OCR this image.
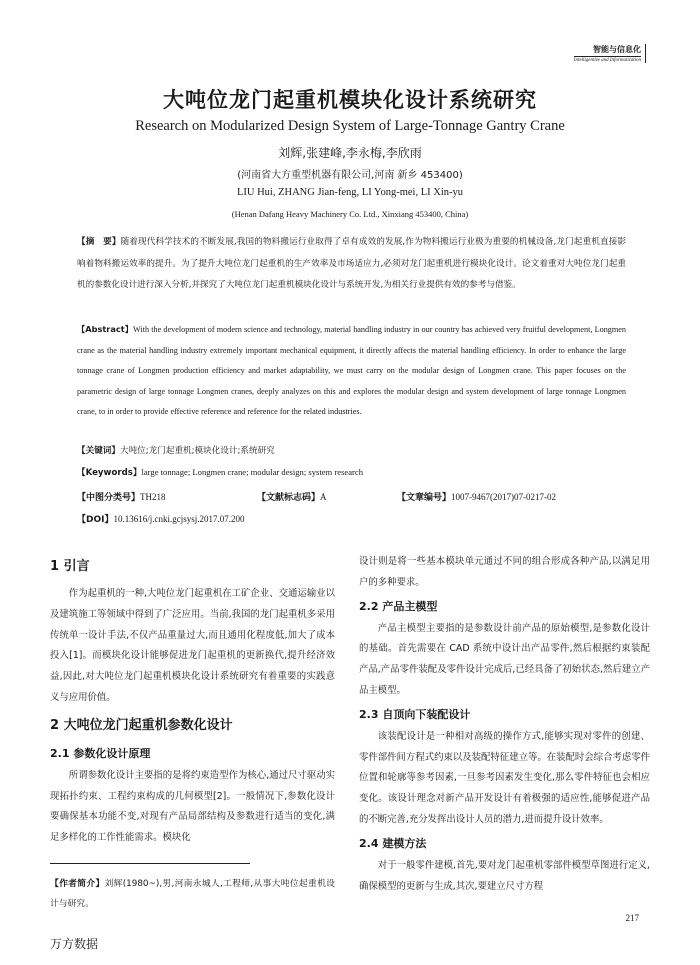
智能与信息化
Intelligentize and Informatization
大吨位龙门起重机模块化设计系统研究
Research on Modularized Design System of Large-Tonnage Gantry Crane
刘辉,张建峰,李永梅,李欣雨
(河南省大方重型机器有限公司,河南 新乡 453400)
LIU Hui, ZHANG Jian-feng, LI Yong-mei, LI Xin-yu
(Henan Dafang Heavy Machinery Co. Ltd., Xinxiang 453400, China)
【摘　要】随着现代科学技术的不断发展,我国的物料搬运行业取得了卓有成效的发展,作为物料搬运行业极为重要的机械设备,龙门起重机直接影响着物料搬运效率的提升。为了提升大吨位龙门起重机的生产效率及市场适应力,必须对龙门起重机进行模块化设计。论文着重对大吨位龙门起重机的参数化设计进行深入分析,并探究了大吨位龙门起重机模块化设计与系统开发,为相关行业提供有效的参考与借鉴。
【Abstract】With the development of modern science and technology, material handling industry in our country has achieved very fruitful development, Longmen crane as the material handling industry extremely important mechanical equipment, it directly affects the material handling efficiency. In order to enhance the large tonnage crane of Longmen production efficiency and market adaptability, we must carry on the modular design of Longmen crane. This paper focuses on the parametric design of large tonnage Longmen cranes, deeply analyzes on this and explores the modular design and system development of large tonnage Longmen crane, to in order to provide effective reference and reference for the related industries.
【关键词】大吨位;龙门起重机;模块化设计;系统研究
【Keywords】large tonnage; Longmen crane; modular design; system research
【中图分类号】TH218	【文献标志码】A	【文章编号】1007-9467(2017)07-0217-02
【DOI】10.13616/j.cnki.gcjsysj.2017.07.200
1 引言

作为起重机的一种,大吨位龙门起重机在工矿企业、交通运输业以及建筑施工等领域中得到了广泛应用。当前,我国的龙门起重机多采用传统单一设计手法,不仅产品重量过大,而且通用化程度低,加大了成本投入[1]。而模块化设计能够促进龙门起重机的更新换代,提升经济效益,因此,对大吨位龙门起重机模块化设计系统研究有着重要的实践意义与应用价值。

2 大吨位龙门起重机参数化设计
2.1 参数化设计原理

所谓参数化设计主要指的是将约束造型作为核心,通过尺寸驱动实现拓扑约束、工程约束构成的几何模型[2]。一般情况下,参数化设计要确保基本功能不变,对现有产品局部结构及参数进行适当的变化,满足多样化的工作性能需求。模块化

【作者简介】刘辉(1980~),男,河南永城人,工程师,从事大吨位起重机设计与研究。

设计则是将一些基本模块单元通过不同的组合形成各种产品,以满足用户的多种要求。

2.2 产品主模型

产品主模型主要指的是参数设计前产品的原始模型,是参数化设计的基础。首先需要在 CAD 系统中设计出产品零件,然后根据约束装配产品,产品零件装配及零件设计完成后,已经具备了初始状态,然后建立产品主模型。

2.3 自顶向下装配设计

该装配设计是一种相对高级的操作方式,能够实现对零件的创建、零件部件间方程式约束以及装配特征建立等。在装配时会综合考虑零件位置和轮廓等参考因素,一旦参考因素发生变化,那么零件特征也会相应变化。该设计理念对新产品开发设计有着极强的适应性,能够促进产品的不断完善,充分发挥出设计人员的潜力,进而提升设计效率。

2.4 建模方法

对于一般零件建模,首先,要对龙门起重机零部件模型草图进行定义,确保模型的更新与生成,其次,要建立尺寸方程

217
万方数据
